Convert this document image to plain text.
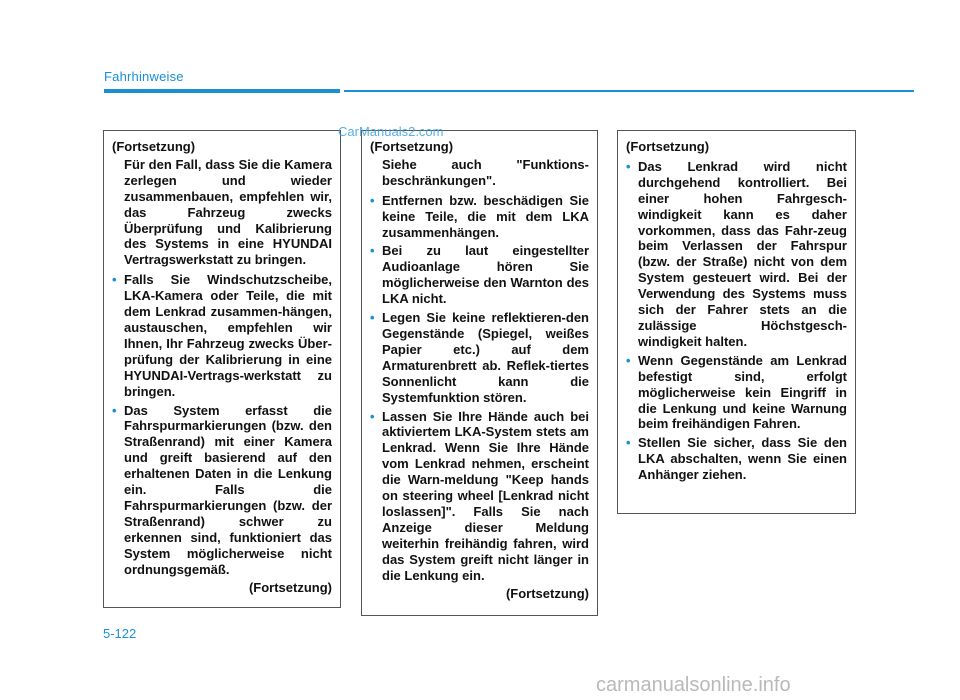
Fahrhinweise
(Fortsetzung)
Für den Fall, dass Sie die Kamera zerlegen und wieder zusammenbauen, empfehlen wir, das Fahrzeug zwecks Überprüfung und Kalibrierung des Systems in eine HYUNDAI Vertragswerkstatt zu bringen.
• Falls Sie Windschutzscheibe, LKA-Kamera oder Teile, die mit dem Lenkrad zusammen-hängen, austauschen, empfehlen wir Ihnen, Ihr Fahrzeug zwecks Über-prüfung der Kalibrierung in eine HYUNDAI-Vertrags-werkstatt zu bringen.
• Das System erfasst die Fahrspurmarkierungen (bzw. den Straßenrand) mit einer Kamera und greift basierend auf den erhaltenen Daten in die Lenkung ein. Falls die Fahrspurmarkierungen (bzw. der Straßenrand) schwer zu erkennen sind, funktioniert das System möglicherweise nicht ordnungsgemäß.
(Fortsetzung)
(Fortsetzung)
Siehe auch "Funktions-beschränkungen".
• Entfernen bzw. beschädigen Sie keine Teile, die mit dem LKA zusammenhängen.
• Bei zu laut eingestellter Audioanlage hören Sie möglicherweise den Warnton des LKA nicht.
• Legen Sie keine reflektieren-den Gegenstände (Spiegel, weißes Papier etc.) auf dem Armaturenbrett ab. Reflek-tiertes Sonnenlicht kann die Systemfunktion stören.
• Lassen Sie Ihre Hände auch bei aktiviertem LKA-System stets am Lenkrad. Wenn Sie Ihre Hände vom Lenkrad nehmen, erscheint die Warn-meldung "Keep hands on steering wheel [Lenkrad nicht loslassen]". Falls Sie nach Anzeige dieser Meldung weiterhin freihändig fahren, wird das System greift nicht länger in die Lenkung ein.
(Fortsetzung)
(Fortsetzung)
• Das Lenkrad wird nicht durchgehend kontrolliert. Bei einer hohen Fahrgesch-windigkeit kann es daher vorkommen, dass das Fahr-zeug beim Verlassen der Fahrspur (bzw. der Straße) nicht von dem System gesteuert wird. Bei der Verwendung des Systems muss sich der Fahrer stets an die zulässige Höchstgesch-windigkeit halten.
• Wenn Gegenstände am Lenkrad befestigt sind, erfolgt möglicherweise kein Eingriff in die Lenkung und keine Warnung beim freihändigen Fahren.
• Stellen Sie sicher, dass Sie den LKA abschalten, wenn Sie einen Anhänger ziehen.
CarManuals2.com
5-122
carmanualsonline.info
